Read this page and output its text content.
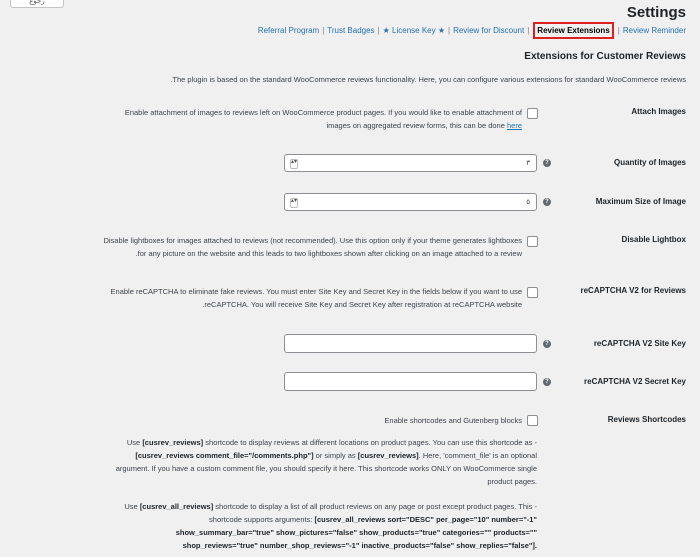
رجوع
Settings
Referral Program | Trust Badges | ★ License Key ★ | Review for Discount | Review Extensions | Review Reminder
Extensions for Customer Reviews
The plugin is based on the standard WooCommerce reviews functionality. Here, you can configure various extensions for standard WooCommerce reviews.
Attach Images
Enable attachment of images to reviews left on WooCommerce product pages. If you would like to enable attachment of
images on aggregated review forms, this can be done here
Quantity of Images
?
▴▾	٣
Maximum Size of Image
?
▴▾	٥
Disable Lightbox
Disable lightboxes for images attached to reviews (not recommended). Use this option only if your theme generates lightboxes
for any picture on the website and this leads to two lightboxes shown after clicking on an image attached to a review.
reCAPTCHA V2 for Reviews
Enable reCAPTCHA to eliminate fake reviews. You must enter Site Key and Secret Key in the fields below if you want to use
reCAPTCHA. You will receive Site Key and Secret Key after registration at reCAPTCHA website.
reCAPTCHA V2 Site Key
?
reCAPTCHA V2 Secret Key
?
Reviews Shortcodes
Enable shortcodes and Gutenberg blocks
Use [cusrev_reviews] shortcode to display reviews at different locations on product pages. You can use this shortcode as -
[cusrev_reviews comment_file="/comments.php"] or simply as [cusrev_reviews]. Here, 'comment_file' is an optional
argument. If you have a custom comment file, you should specify it here. This shortcode works ONLY on WooCommerce single
product pages.
Use [cusrev_all_reviews] shortcode to display a list of all product reviews on any page or post except product pages. This -
shortcode supports arguments: [cusrev_all_reviews sort="DESC" per_page="10" number="-1"
show_summary_bar="true" show_pictures="false" show_products="true" categories="" products=""
shop_reviews="true" number_shop_reviews="-1" inactive_products="false" show_replies="false"].
